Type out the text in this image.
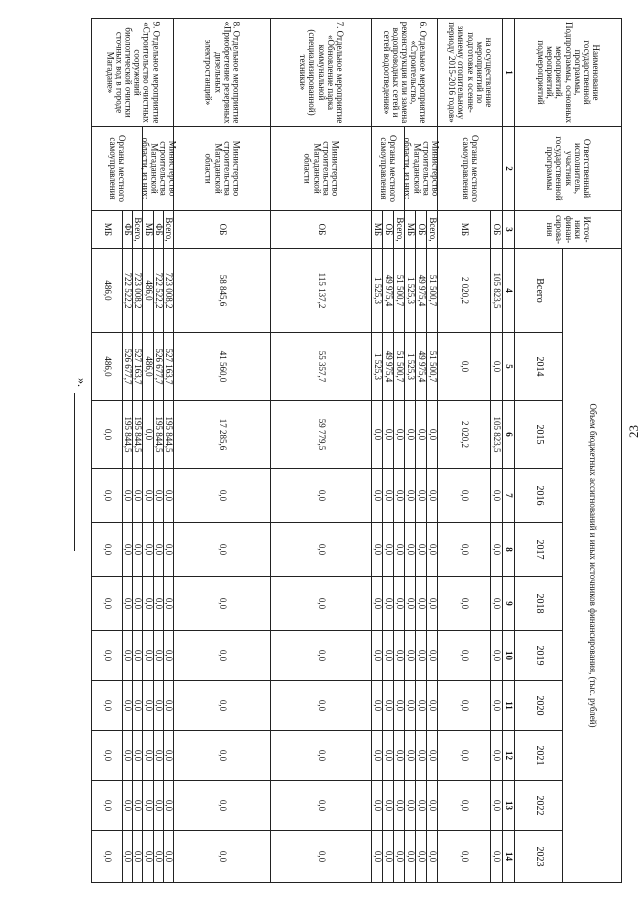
23
Наименование государственной программы, Подпрограммы, основных мероприятий, мероприятий, подмероприятий	Ответственный исполнитель, участник государственной программы	Источ-ники финан-сирова-ния	Объем бюджетных ассигнований и иных источников финансирования, (тыс. рублей)										
			Всего	2014	2015	2016	2017	2018	2019	2020	2021	2022	2023
1	2	3	4	5	6	7	8	9	10	11	12	13	14

на осуществление мероприятий по подготовке к осенне-зимнему отопительному периоду 2015-2016 годов»	Органы местного самоуправления	ОБ	105 823,5	0,0	105 823,5	0,0	0,0	0,0	0,0	0,0	0,0	0,0	0,0
		МБ	2 020,2	0,0	2 020,2	0,0	0,0	0,0	0,0	0,0	0,0	0,0	0,0

6. Отдельное мероприятие «Строительство, реконструкция или замена водопроводных сетей и сетей водоотведения»	Министерство строительства Магаданской области, из них:	Всего,	51 500,7	51 500,7	0,0	0,0	0,0	0,0	0,0	0,0	0,0	0,0	0,0
		ОБ	49 975,4	49 975,4	0,0	0,0	0,0	0,0	0,0	0,0	0,0	0,0	0,0
		МБ	1 525,3	1 525,3	0,0	0,0	0,0	0,0	0,0	0,0	0,0	0,0	0,0

	Органы местного самоуправления	Всего,	51 500,7	51 500,7	0,0	0,0	0,0	0,0	0,0	0,0	0,0	0,0	0,0
		ОБ	49 975,4	49 975,4	0,0	0,0	0,0	0,0	0,0	0,0	0,0	0,0	0,0
		МБ	1 525,3	1 525,3	0,0	0,0	0,0	0,0	0,0	0,0	0,0	0,0	0,0

7. Отдельное мероприятие «Обновление парка коммунальной (специализированной) техники»	Министерство строительства Магаданской области	ОБ	115 137,2	55 357,7	59 779,5	0,0	0,0	0,0	0,0	0,0	0,0	0,0	0,0

8. Отдельное мероприятие «Приобретение резервных дизельных электростанций»	Министерство строительства Магаданской области	ОБ	58 845,6	41 560,0	17 285,6	0,0	0,0	0,0	0,0	0,0	0,0	0,0	0,0

9. Отдельное мероприятие «Строительство очистных сооружений биологической очистки сточных вод в городе Магадане»	Министерство строительства Магаданской области, из них:	Всего,	723 008,2	527 163,7	195 844,5	0,0	0,0	0,0	0,0	0,0	0,0	0,0	0,0
		ФБ	722 522,2	526 677,7	195 844,5	0,0	0,0	0,0	0,0	0,0	0,0	0,0	0,0
		МБ	486,0	486,0	0,0	0,0	0,0	0,0	0,0	0,0	0,0	0,0	0,0

	Органы местного самоуправления	Всего,	723 008,2	527 163,7	195 844,5	0,0	0,0	0,0	0,0	0,0	0,0	0,0	0,0
		ФБ	722 522,2	526 677,7	195 844,5	0,0	0,0	0,0	0,0	0,0	0,0	0,0	0,0
		МБ	486,0	486,0	0,0	0,0	0,0	0,0	0,0	0,0	0,0	0,0	0,0
».
